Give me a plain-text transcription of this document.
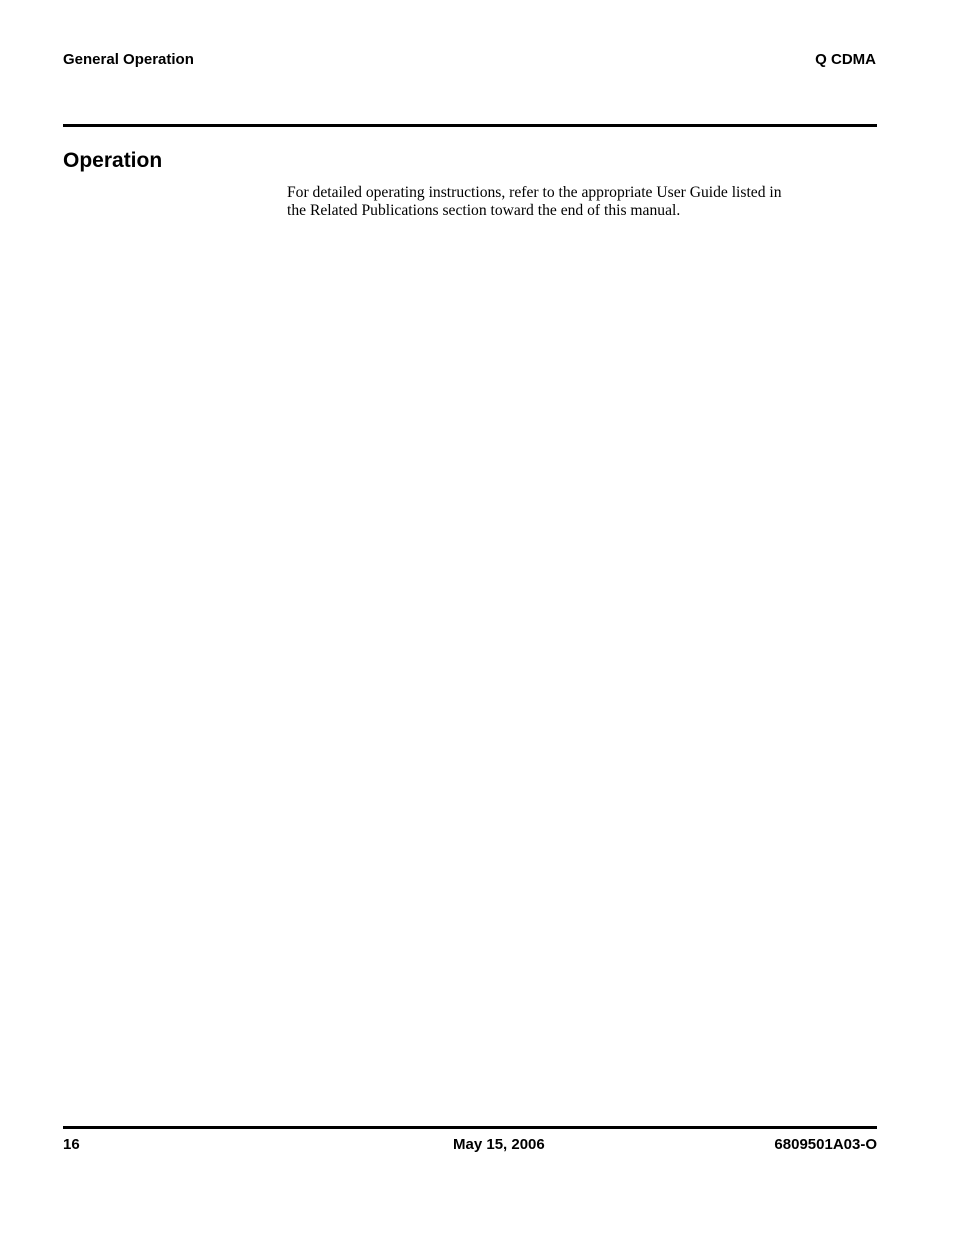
General Operation	Q CDMA
Operation

For detailed operating instructions, refer to the appropriate User Guide listed in
the Related Publications section toward the end of this manual.

16	May 15, 2006	6809501A03-O
